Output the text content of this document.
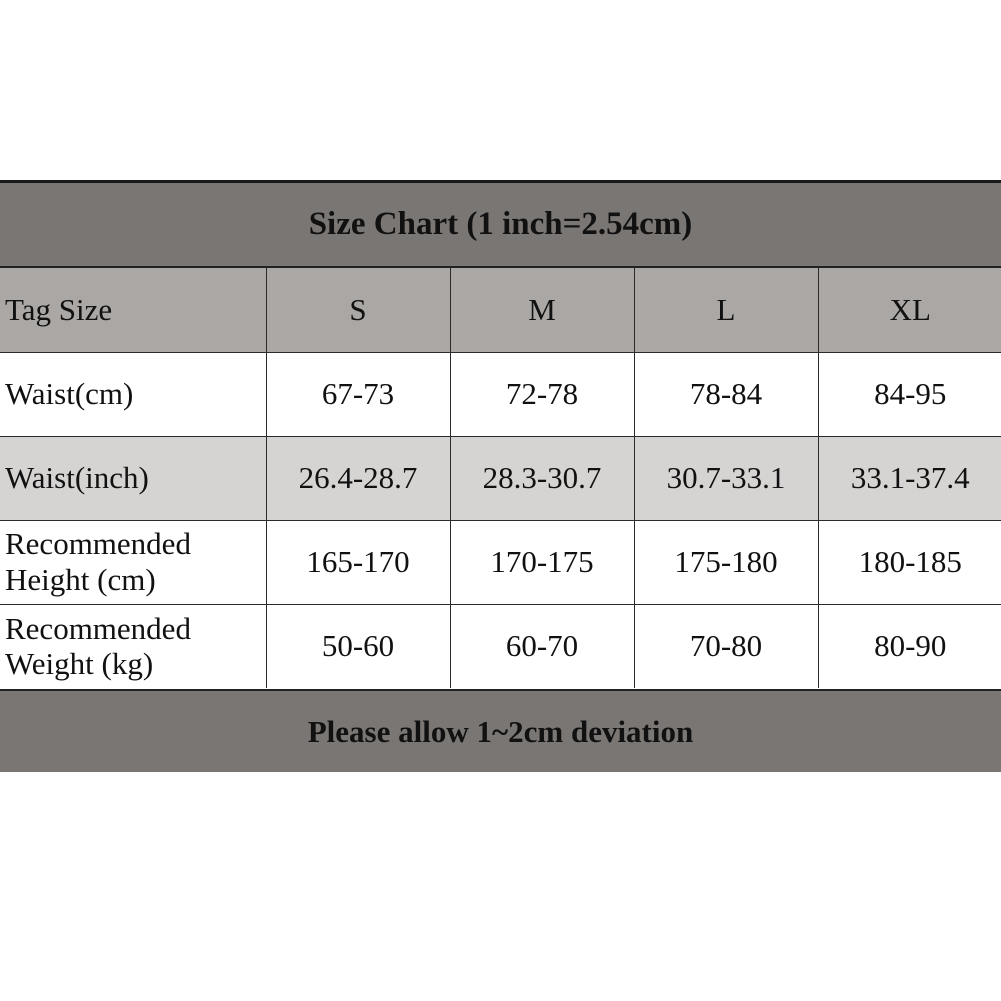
Size Chart (1 inch=2.54cm)
Tag Size	S	M	L	XL

Waist(cm)	67-73	72-78	78-84	84-95

Waist(inch)	26.4-28.7	28.3-30.7	30.7-33.1	33.1-37.4

Recommended
Height (cm)	165-170	170-175	175-180	180-185

Recommended
Weight (kg)	50-60	60-70	70-80	80-90
Please allow 1~2cm deviation
